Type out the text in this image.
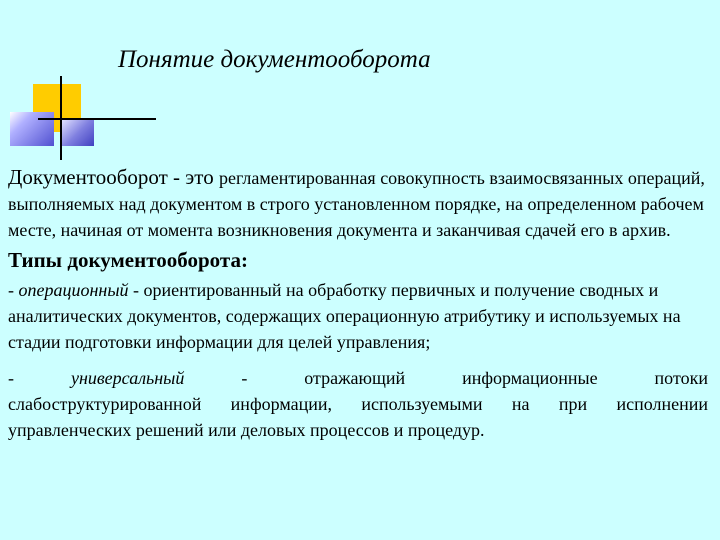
Понятие документооборота

Документооборот - это регламентированная совокупность взаимосвязанных операций, выполняемых над документом в строго установленном порядке, на определенном рабочем месте, начиная от момента возникновения документа и заканчивая сдачей его в архив.

Типы документооборота:

- операционный - ориентированный на обработку первичных и получение сводных и аналитических документов, содержащих операционную атрибутику и используемых на стадии подготовки информации для целей управления;

-	универсальный	-	отражающий	информационные	потоки
слабоструктурированной информации, используемыми на при исполнении управленческих решений или деловых процессов и процедур.
